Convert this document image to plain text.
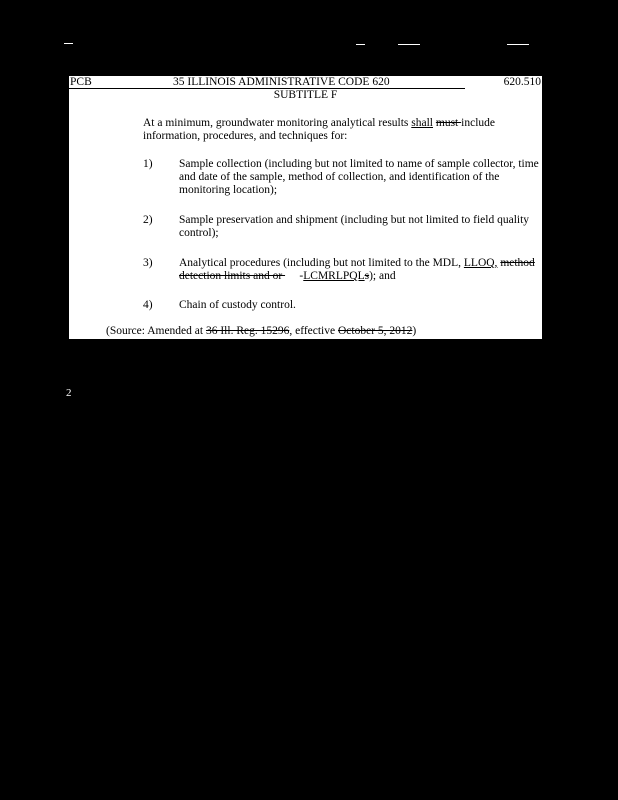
2
PCB	35 ILLINOIS ADMINISTRATIVE CODE 620	620.510
SUBTITLE F
At a minimum, groundwater monitoring analytical results shall must include information, procedures, and techniques for:
1) Sample collection (including but not limited to name of sample collector, time and date of the sample, method of collection, and identification of the monitoring location);
2) Sample preservation and shipment (including but not limited to field quality control);
3) Analytical procedures (including but not limited to the MDL, LLOQ, method detection limits and or      -LCMRLPQLs); and
4) Chain of custody control.
(Source: Amended at 36 Ill. Reg. 15296, effective October 5, 2012)
